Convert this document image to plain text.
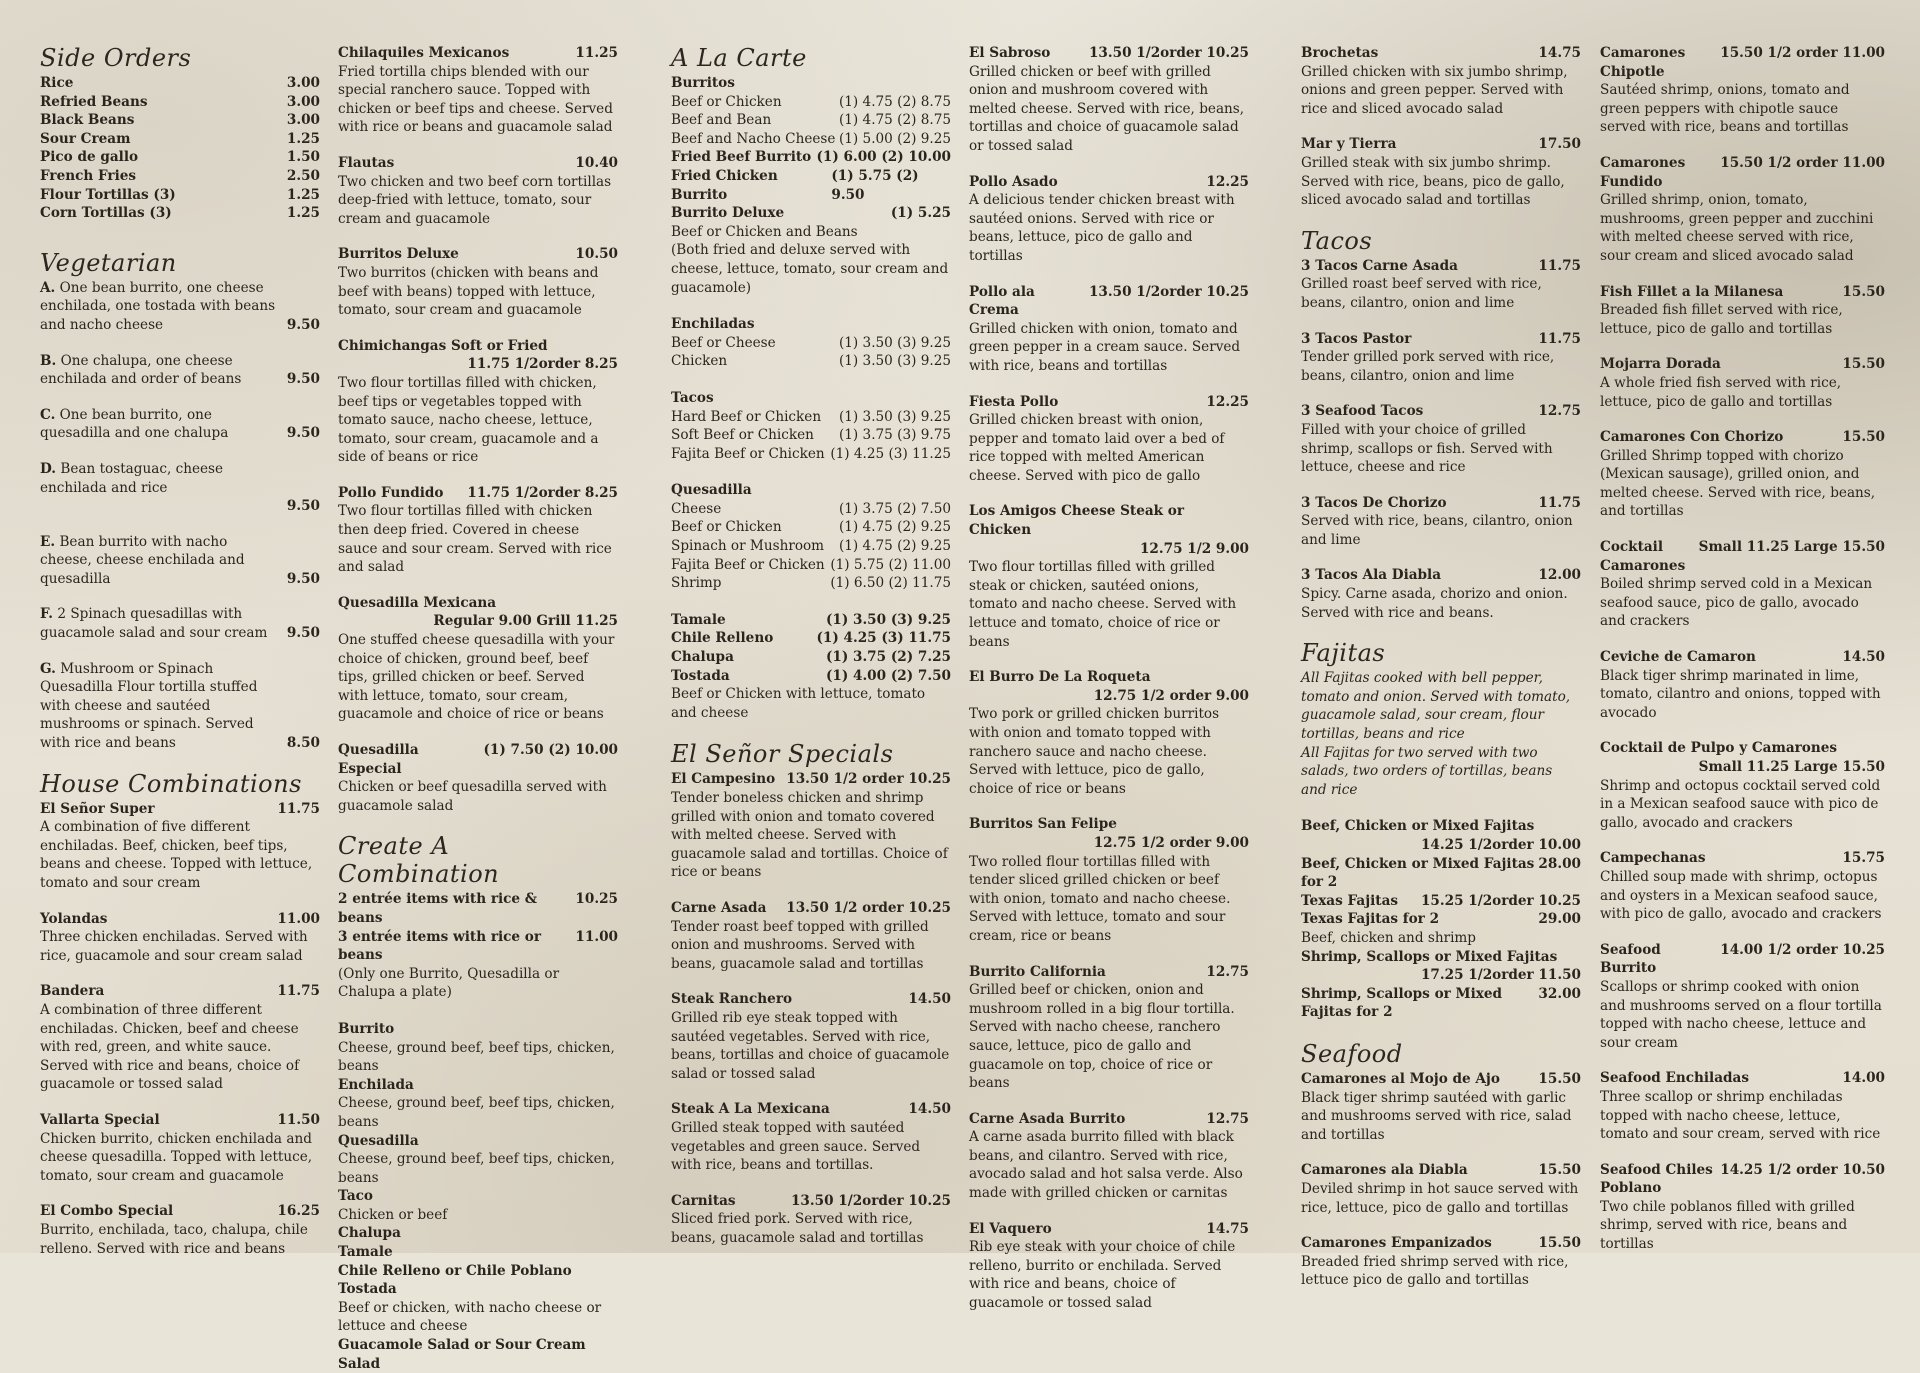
Side Orders
Rice	3.00
Refried Beans	3.00
Black Beans	3.00
Sour Cream	1.25
Pico de gallo	1.50
French Fries	2.50
Flour Tortillas (3)	1.25
Corn Tortillas (3)	1.25
Vegetarian
A. One bean burrito, one cheese enchilada, one tostada with beans and nacho cheese	9.50
B. One chalupa, one cheese enchilada and order of beans	9.50
C. One bean burrito, one quesadilla and one chalupa	9.50
D. Bean tostaguac, cheese enchilada and rice

9.50
E. Bean burrito with nacho cheese, cheese enchilada and quesadilla	9.50
F. 2 Spinach quesadillas with guacamole salad and sour cream	9.50
G. Mushroom or Spinach Quesadilla Flour tortilla stuffed with cheese and sautéed mushrooms or spinach. Served with rice and beans	8.50
House Combinations
El Señor Super	11.75
A combination of five different enchiladas. Beef, chicken, beef tips, beans and cheese. Topped with lettuce, tomato and sour cream
Yolandas	11.00
Three chicken enchiladas. Served with rice, guacamole and sour cream salad
Bandera	11.75
A combination of three different enchiladas. Chicken, beef and cheese with red, green, and white sauce. Served with rice and beans, choice of guacamole or tossed salad
Vallarta Special	11.50
Chicken burrito, chicken enchilada and cheese quesadilla. Topped with lettuce, tomato, sour cream and guacamole
El Combo Special	16.25
Burrito, enchilada, taco, chalupa, chile relleno. Served with rice and beans
Chilaquiles Mexicanos	11.25
Fried tortilla chips blended with our special ranchero sauce. Topped with chicken or beef tips and cheese. Served with rice or beans and guacamole salad
Flautas	10.40
Two chicken and two beef corn tortillas deep-fried with lettuce, tomato, sour cream and guacamole
Burritos Deluxe	10.50
Two burritos (chicken with beans and beef with beans) topped with lettuce, tomato, sour cream and guacamole
Chimichangas Soft or Fried
11.75 1/2order 8.25
Two flour tortillas filled with chicken, beef tips or vegetables topped with tomato sauce, nacho cheese, lettuce, tomato, sour cream, guacamole and a side of beans or rice
Pollo Fundido 11.75 1/2order 8.25
Two flour tortillas filled with chicken then deep fried. Covered in cheese sauce and sour cream. Served with rice and salad
Quesadilla Mexicana
Regular 9.00 Grill 11.25
One stuffed cheese quesadilla with your choice of chicken, ground beef, beef tips, grilled chicken or beef. Served with lettuce, tomato, sour cream, guacamole and choice of rice or beans
Quesadilla Especial
(1) 7.50 (2) 10.00
Chicken or beef quesadilla served with guacamole salad
Create A Combination
2 entrée items with rice & beans
10.25
3 entrée items with rice or beans
11.00
(Only one Burrito, Quesadilla or Chalupa a plate)
Burrito
Cheese, ground beef, beef tips, chicken, beans
Enchilada
Cheese, ground beef, beef tips, chicken, beans
Quesadilla
Cheese, ground beef, beef tips, chicken, beans
Taco
Chicken or beef
Chalupa
Tamale
Chile Relleno or Chile Poblano
Tostada
Beef or chicken, with nacho cheese or lettuce and cheese
Guacamole Salad or Sour Cream Salad
A La Carte
Burritos
Beef or Chicken	(1) 4.75 (2) 8.75
Beef and Bean	(1) 4.75 (2) 8.75
Beef and Nacho Cheese (1) 5.00 (2) 9.25
Fried Beef Burrito (1) 6.00 (2) 10.00
Fried Chicken Burrito
(1) 5.75 (2) 9.50
Burrito Deluxe	(1) 5.25
Beef or Chicken and Beans
(Both fried and deluxe served with cheese, lettuce, tomato, sour cream and guacamole)
Enchiladas
Beef or Cheese	(1) 3.50 (3) 9.25
Chicken	(1) 3.50 (3) 9.25
Tacos
Hard Beef or Chicken (1) 3.50 (3) 9.25
Soft Beef or Chicken (1) 3.75 (3) 9.75
Fajita Beef or Chicken (1) 4.25 (3) 11.25
Quesadilla
Cheese	(1) 3.75 (2) 7.50
Beef or Chicken	(1) 4.75 (2) 9.25
Spinach or Mushroom (1) 4.75 (2) 9.25
Fajita Beef or Chicken (1) 5.75 (2) 11.00
Shrimp	(1) 6.50 (2) 11.75
Tamale	(1) 3.50 (3) 9.25
Chile Relleno	(1) 4.25 (3) 11.75
Chalupa	(1) 3.75 (2) 7.25
Tostada	(1) 4.00 (2) 7.50
Beef or Chicken with lettuce, tomato and cheese
El Señor Specials
El Campesino 13.50 1/2 order 10.25
Tender boneless chicken and shrimp grilled with onion and tomato covered with melted cheese. Served with guacamole salad and tortillas. Choice of rice or beans
Carne Asada 13.50 1/2 order 10.25
Tender roast beef topped with grilled onion and mushrooms. Served with beans, guacamole salad and tortillas
Steak Ranchero	14.50
Grilled rib eye steak topped with sautéed vegetables. Served with rice, beans, tortillas and choice of guacamole salad or tossed salad
Steak A La Mexicana	14.50
Grilled steak topped with sautéed vegetables and green sauce. Served with rice, beans and tortillas.
Carnitas	13.50 1/2order 10.25
Sliced fried pork. Served with rice, beans, guacamole salad and tortillas
El Sabroso	13.50 1/2order 10.25
Grilled chicken or beef with grilled onion and mushroom covered with melted cheese. Served with rice, beans, tortillas and choice of guacamole salad or tossed salad
Pollo Asado	12.25
A delicious tender chicken breast with sautéed onions. Served with rice or beans, lettuce, pico de gallo and tortillas
Pollo ala Crema
13.50 1/2order 10.25
Grilled chicken with onion, tomato and green pepper in a cream sauce. Served with rice, beans and tortillas
Fiesta Pollo	12.25
Grilled chicken breast with onion, pepper and tomato laid over a bed of rice topped with melted American cheese. Served with pico de gallo
Los Amigos Cheese Steak or Chicken
12.75 1/2 9.00
Two flour tortillas filled with grilled steak or chicken, sautéed onions, tomato and nacho cheese. Served with lettuce and tomato, choice of rice or beans
El Burro De La Roqueta
12.75 1/2 order 9.00
Two pork or grilled chicken burritos with onion and tomato topped with ranchero sauce and nacho cheese. Served with lettuce, pico de gallo, choice of rice or beans
Burritos San Felipe
12.75 1/2 order 9.00
Two rolled flour tortillas filled with tender sliced grilled chicken or beef with onion, tomato and nacho cheese. Served with lettuce, tomato and sour cream, rice or beans
Burrito California	12.75
Grilled beef or chicken, onion and mushroom rolled in a big flour tortilla. Served with nacho cheese, ranchero sauce, lettuce, pico de gallo and guacamole on top, choice of rice or beans
Carne Asada Burrito	12.75
A carne asada burrito filled with black beans, and cilantro. Served with rice, avocado salad and hot salsa verde. Also made with grilled chicken or carnitas
El Vaquero	14.75
Rib eye steak with your choice of chile relleno, burrito or enchilada. Served with rice and beans, choice of guacamole or tossed salad
Brochetas	14.75
Grilled chicken with six jumbo shrimp, onions and green pepper. Served with rice and sliced avocado salad
Mar y Tierra	17.50
Grilled steak with six jumbo shrimp. Served with rice, beans, pico de gallo, sliced avocado salad and tortillas
Tacos
3 Tacos Carne Asada	11.75
Grilled roast beef served with rice, beans, cilantro, onion and lime
3 Tacos Pastor	11.75
Tender grilled pork served with rice, beans, cilantro, onion and lime
3 Seafood Tacos	12.75
Filled with your choice of grilled shrimp, scallops or fish. Served with lettuce, cheese and rice
3 Tacos De Chorizo	11.75
Served with rice, beans, cilantro, onion and lime
3 Tacos Ala Diabla	12.00
Spicy. Carne asada, chorizo and onion. Served with rice and beans.
Fajitas
All Fajitas cooked with bell pepper, tomato and onion. Served with tomato, guacamole salad, sour cream, flour tortillas, beans and rice
All Fajitas for two served with two salads, two orders of tortillas, beans and rice
Beef, Chicken or Mixed Fajitas
14.25 1/2order 10.00
Beef, Chicken or Mixed Fajitas for 2
28.00
Texas Fajitas 15.25 1/2order 10.25
Texas Fajitas for 2	29.00
Beef, chicken and shrimp
Shrimp, Scallops or Mixed Fajitas
17.25 1/2order 11.50
Shrimp, Scallops or Mixed Fajitas for 2
32.00
Seafood
Camarones al Mojo de Ajo	15.50
Black tiger shrimp sautéed with garlic and mushrooms served with rice, salad and tortillas
Camarones ala Diabla	15.50
Deviled shrimp in hot sauce served with rice, lettuce, pico de gallo and tortillas
Camarones Empanizados	15.50
Breaded fried shrimp served with rice, lettuce pico de gallo and tortillas
Camarones Chipotle
15.50 1/2 order 11.00
Sautéed shrimp, onions, tomato and green peppers with chipotle sauce served with rice, beans and tortillas
Camarones Fundido
15.50 1/2 order 11.00
Grilled shrimp, onion, tomato, mushrooms, green pepper and zucchini with melted cheese served with rice, sour cream and sliced avocado salad
Fish Fillet a la Milanesa	15.50
Breaded fish fillet served with rice, lettuce, pico de gallo and tortillas
Mojarra Dorada	15.50
A whole fried fish served with rice, lettuce, pico de gallo and tortillas
Camarones Con Chorizo	15.50
Grilled Shrimp topped with chorizo (Mexican sausage), grilled onion, and melted cheese. Served with rice, beans, and tortillas
Cocktail Camarones
Small 11.25 Large 15.50
Boiled shrimp served cold in a Mexican seafood sauce, pico de gallo, avocado and crackers
Ceviche de Camaron	14.50
Black tiger shrimp marinated in lime, tomato, cilantro and onions, topped with avocado
Cocktail de Pulpo y Camarones
Small 11.25 Large 15.50
Shrimp and octopus cocktail served cold in a Mexican seafood sauce with pico de gallo, avocado and crackers
Campechanas	15.75
Chilled soup made with shrimp, octopus and oysters in a Mexican seafood sauce, with pico de gallo, avocado and crackers
Seafood Burrito
14.00 1/2 order 10.25
Scallops or shrimp cooked with onion and mushrooms served on a flour tortilla topped with nacho cheese, lettuce and sour cream
Seafood Enchiladas	14.00
Three scallop or shrimp enchiladas topped with nacho cheese, lettuce, tomato and sour cream, served with rice
Seafood Chiles Poblano
14.25 1/2 order 10.50
Two chile poblanos filled with grilled shrimp, served with rice, beans and tortillas
